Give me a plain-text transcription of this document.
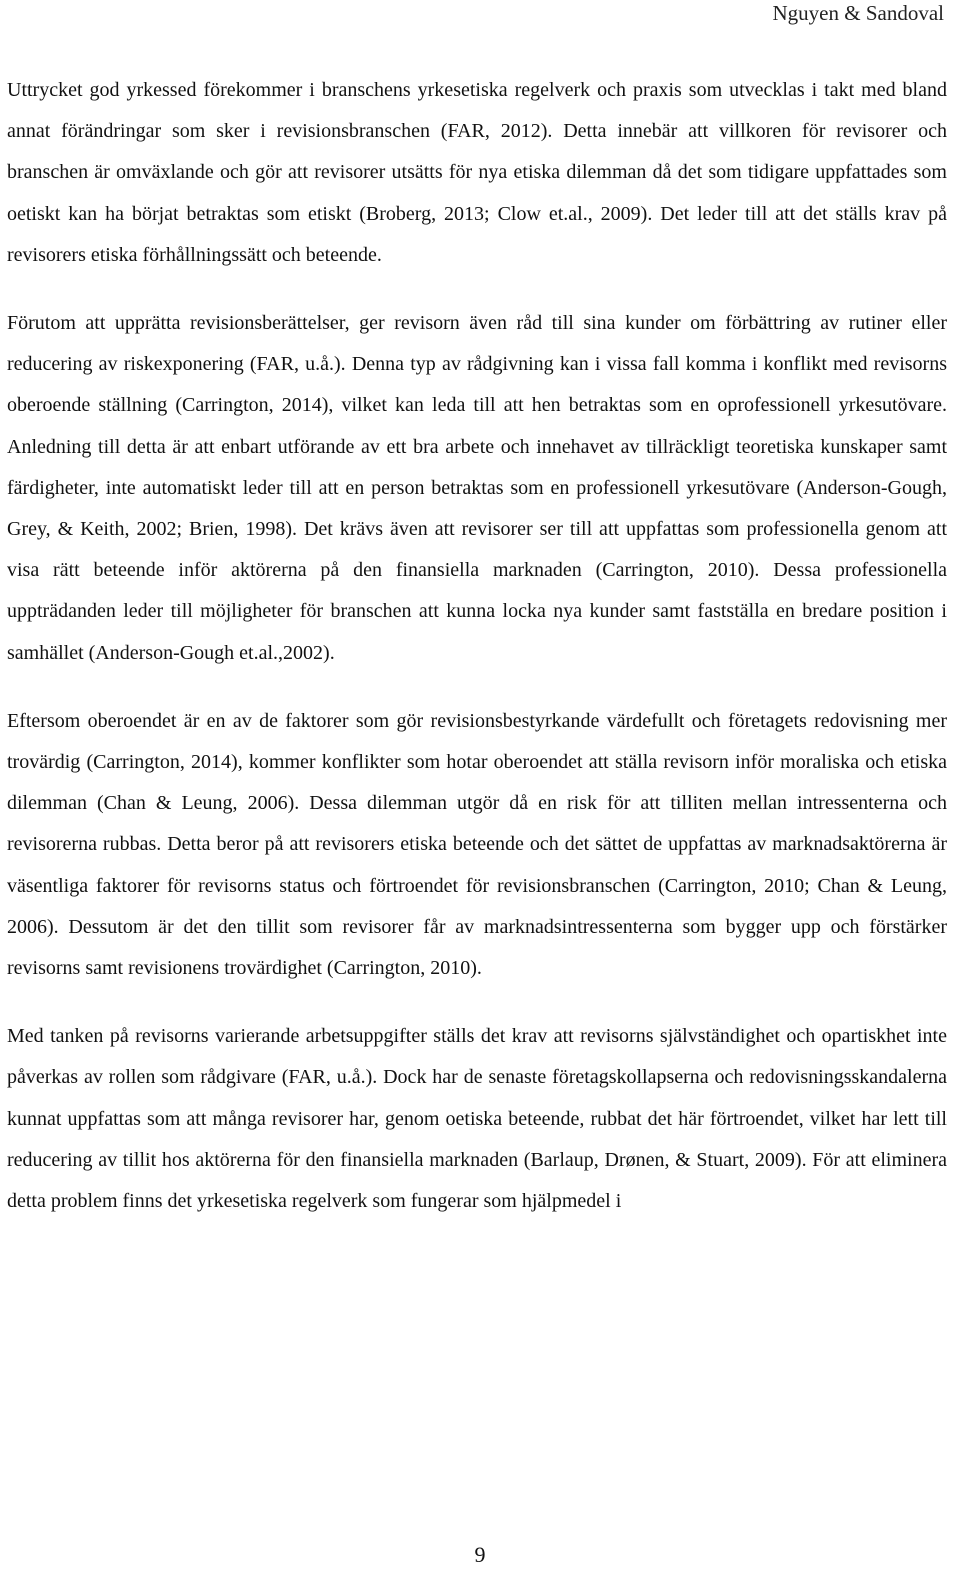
Nguyen & Sandoval

Uttrycket god yrkessed förekommer i branschens yrkesetiska regelverk och praxis som utvecklas i takt med bland annat förändringar som sker i revisionsbranschen (FAR, 2012). Detta innebär att villkoren för revisorer och branschen är omväxlande och gör att revisorer utsätts för nya etiska dilemman då det som tidigare uppfattades som oetiskt kan ha börjat betraktas som etiskt (Broberg, 2013; Clow et.al., 2009). Det leder till att det ställs krav på revisorers etiska förhållningssätt och beteende.

Förutom att upprätta revisionsberättelser, ger revisorn även råd till sina kunder om förbättring av rutiner eller reducering av riskexponering (FAR, u.å.). Denna typ av rådgivning kan i vissa fall komma i konflikt med revisorns oberoende ställning (Carrington, 2014), vilket kan leda till att hen betraktas som en oprofessionell yrkesutövare. Anledning till detta är att enbart utförande av ett bra arbete och innehavet av tillräckligt teoretiska kunskaper samt färdigheter, inte automatiskt leder till att en person betraktas som en professionell yrkesutövare (Anderson-Gough, Grey, & Keith, 2002; Brien, 1998). Det krävs även att revisorer ser till att uppfattas som professionella genom att visa rätt beteende inför aktörerna på den finansiella marknaden (Carrington, 2010). Dessa professionella uppträdanden leder till möjligheter för branschen att kunna locka nya kunder samt fastställa en bredare position i samhället (Anderson-Gough et.al.,2002).

Eftersom oberoendet är en av de faktorer som gör revisionsbestyrkande värdefullt och företagets redovisning mer trovärdig (Carrington, 2014), kommer konflikter som hotar oberoendet att ställa revisorn inför moraliska och etiska dilemman (Chan & Leung, 2006). Dessa dilemman utgör då en risk för att tilliten mellan intressenterna och revisorerna rubbas. Detta beror på att revisorers etiska beteende och det sättet de uppfattas av marknadsaktörerna är väsentliga faktorer för revisorns status och förtroendet för revisionsbranschen (Carrington, 2010; Chan & Leung, 2006). Dessutom är det den tillit som revisorer får av marknadsintressenterna som bygger upp och förstärker revisorns samt revisionens trovärdighet (Carrington, 2010).

Med tanken på revisorns varierande arbetsuppgifter ställs det krav att revisorns självständighet och opartiskhet inte påverkas av rollen som rådgivare (FAR, u.å.). Dock har de senaste företagskollapserna och redovisningsskandalerna kunnat uppfattas som att många revisorer har, genom oetiska beteende, rubbat det här förtroendet, vilket har lett till reducering av tillit hos aktörerna för den finansiella marknaden (Barlaup, Drønen, & Stuart, 2009). För att eliminera detta problem finns det yrkesetiska regelverk som fungerar som hjälpmedel i

9
